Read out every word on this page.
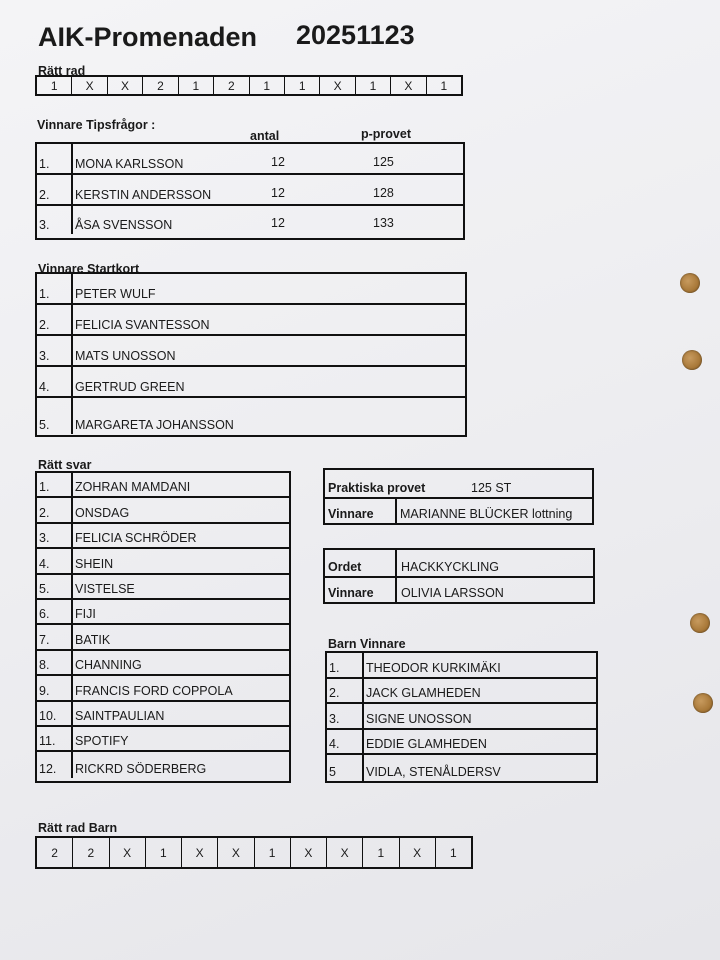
AIK-Promenaden 20251123
Rätt rad
1	X	X	2	1	2	1	1	X	1	X	1
Vinnare Tipsfrågor :
antal	p-provet
1. MONA KARLSSON	12	125
2. KERSTIN ANDERSSON	12	128
3. ÅSA SVENSSON	12	133
Vinnare Startkort
1. PETER WULF
2. FELICIA SVANTESSON
3. MATS UNOSSON
4. GERTRUD GREEN
5. MARGARETA JOHANSSON
Rätt svar
1. ZOHRAN MAMDANI
2. ONSDAG
3. FELICIA SCHRÖDER
4. SHEIN
5. VISTELSE
6. FIJI
7. BATIK
8. CHANNING
9. FRANCIS FORD COPPOLA
10. SAINTPAULIAN
11. SPOTIFY
12. RICKRD SÖDERBERG
Praktiska provet	125 ST
Vinnare MARIANNE BLÜCKER lottning
Ordet	HACKKYCKLING
Vinnare OLIVIA LARSSON
Barn Vinnare
1. THEODOR KURKIMÄKI
2. JACK GLAMHEDEN
3. SIGNE UNOSSON
4. EDDIE GLAMHEDEN
5 VIDLA, STENÅLDERSV
Rätt rad Barn
2	2	X	1	X	X	1	X	X	1	X	1
